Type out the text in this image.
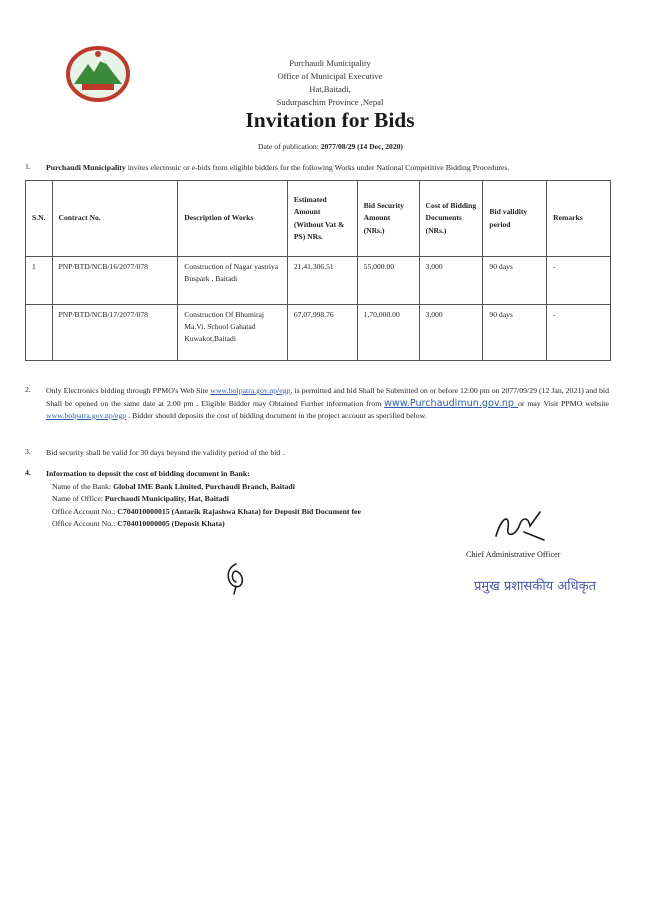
Purchaudi Municipality
Office of Municipal Executive
Hat,Baitadi,
Sudurpaschim Province ,Nepal
Invitation for Bids
Date of publication: 2077/08/29 (14 Dec, 2020)
1. Purchaudi Municipality invites electronic or e-bids from eligible bidders for the following Works under National Competitive Bidding Procedures.
S.N.	Contract No.	Description of Works	Estimated Amount (Without Vat & PS) NRs.	Bid Security Amount (NRs.)	Cost of Bidding Documents (NRs.)	Bid validity period	Remarks
1	PNP/BTD/NCB/16/2077/078	Construction of Nagar yastriya Buspark , Baitadi	21,41,306.51	55,000.00	3,000	90 days	-
	PNP/BTD/NCB/17/2077/078	Construction Of Bhumiraj Ma.Vi. School Gahatad Kuwakot,Baitadi	67,07,998.76	1,70,000.00	3,000	90 days	-
2. Only Electronics bidding through PPMO's Web Site www.bolpatra.gov.np/egp, is permitted and bid Shall be Submitted on or before 12:00 pm on 2077/09/29 (12 Jan, 2021) and bid Shall be opened on the same date at 2:00 pm . Eligible Bidder may Obtained Further information from www.Purchaudimun.gov.np or may Visit PPMO website www.bolpatra.gov.np/egp . Bidder should deposits the cost of bidding document in the project account as specified below.
3. Bid security shall be valid for 30 days beyond the validity period of the bid .
4. Information to deposit the cost of bidding document in Bank:
Name of the Bank: Global IME Bank Limited, Purchaudi Branch, Baitadi
Name of Office: Purchaudi Municipality, Hat, Baitadi
Office Account No.: C704010000015 (Antarik Rajashwa Khata) for Deposit Bid Document fee
Office Account No.: C704010000005 (Deposit Khata)
Chief Administrative Officer
प्रमुख प्रशासकीय अधिकृत
